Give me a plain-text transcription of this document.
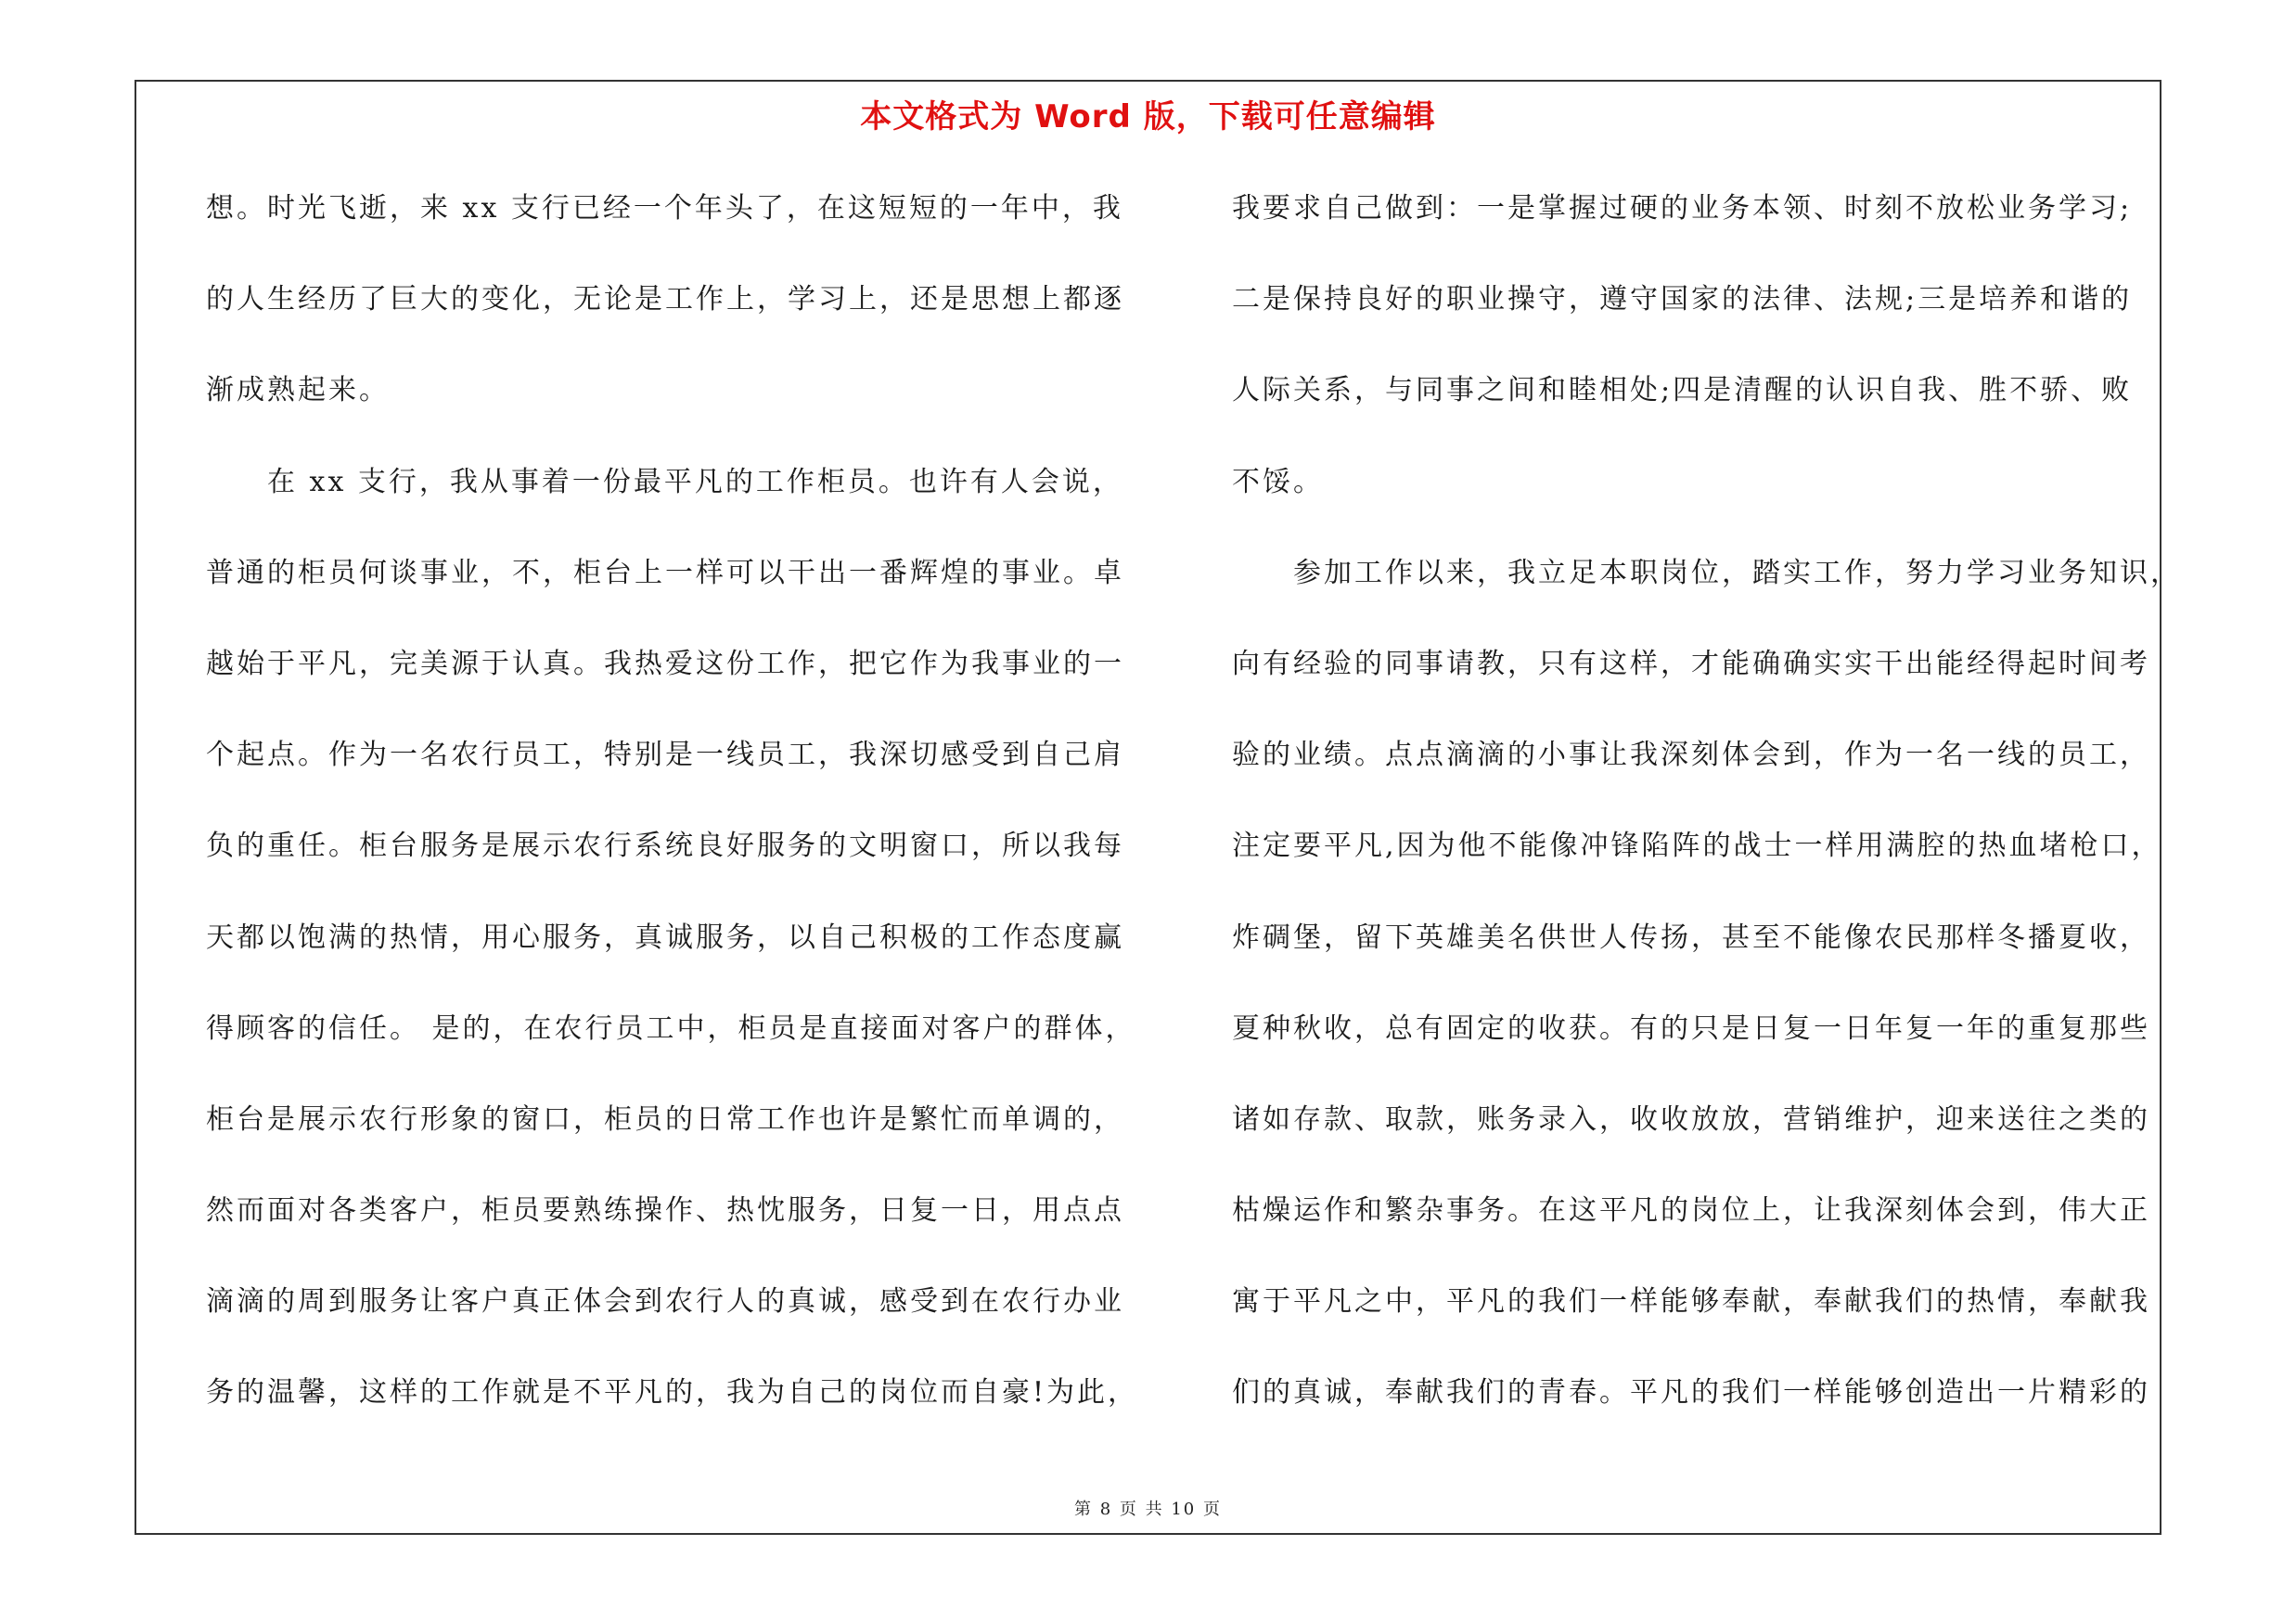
本文格式为 Word 版，下载可任意编辑
想。时光飞逝，来 xx 支行已经一个年头了，在这短短的一年中，我
的人生经历了巨大的变化，无论是工作上，学习上，还是思想上都逐
渐成熟起来。
　　在 xx 支行，我从事着一份最平凡的工作柜员。也许有人会说，
普通的柜员何谈事业，不，柜台上一样可以干出一番辉煌的事业。卓
越始于平凡，完美源于认真。我热爱这份工作，把它作为我事业的一
个起点。作为一名农行员工，特别是一线员工，我深切感受到自己肩
负的重任。柜台服务是展示农行系统良好服务的文明窗口，所以我每
天都以饱满的热情，用心服务，真诚服务，以自己积极的工作态度赢
得顾客的信任。 是的，在农行员工中，柜员是直接面对客户的群体，
柜台是展示农行形象的窗口，柜员的日常工作也许是繁忙而单调的，
然而面对各类客户，柜员要熟练操作、热忱服务，日复一日，用点点
滴滴的周到服务让客户真正体会到农行人的真诚，感受到在农行办业
务的温馨，这样的工作就是不平凡的，我为自己的岗位而自豪!为此，
我要求自己做到：一是掌握过硬的业务本领、时刻不放松业务学习;
二是保持良好的职业操守，遵守国家的法律、法规;三是培养和谐的
人际关系，与同事之间和睦相处;四是清醒的认识自我、胜不骄、败
不馁。
　　参加工作以来，我立足本职岗位，踏实工作，努力学习业务知识，
向有经验的同事请教，只有这样，才能确确实实干出能经得起时间考
验的业绩。点点滴滴的小事让我深刻体会到，作为一名一线的员工，
注定要平凡,因为他不能像冲锋陷阵的战士一样用满腔的热血堵枪口，
炸碉堡，留下英雄美名供世人传扬，甚至不能像农民那样冬播夏收，
夏种秋收，总有固定的收获。有的只是日复一日年复一年的重复那些
诸如存款、取款，账务录入，收收放放，营销维护，迎来送往之类的
枯燥运作和繁杂事务。在这平凡的岗位上，让我深刻体会到，伟大正
寓于平凡之中，平凡的我们一样能够奉献，奉献我们的热情，奉献我
们的真诚，奉献我们的青春。平凡的我们一样能够创造出一片精彩的
第 8 页 共 10 页
